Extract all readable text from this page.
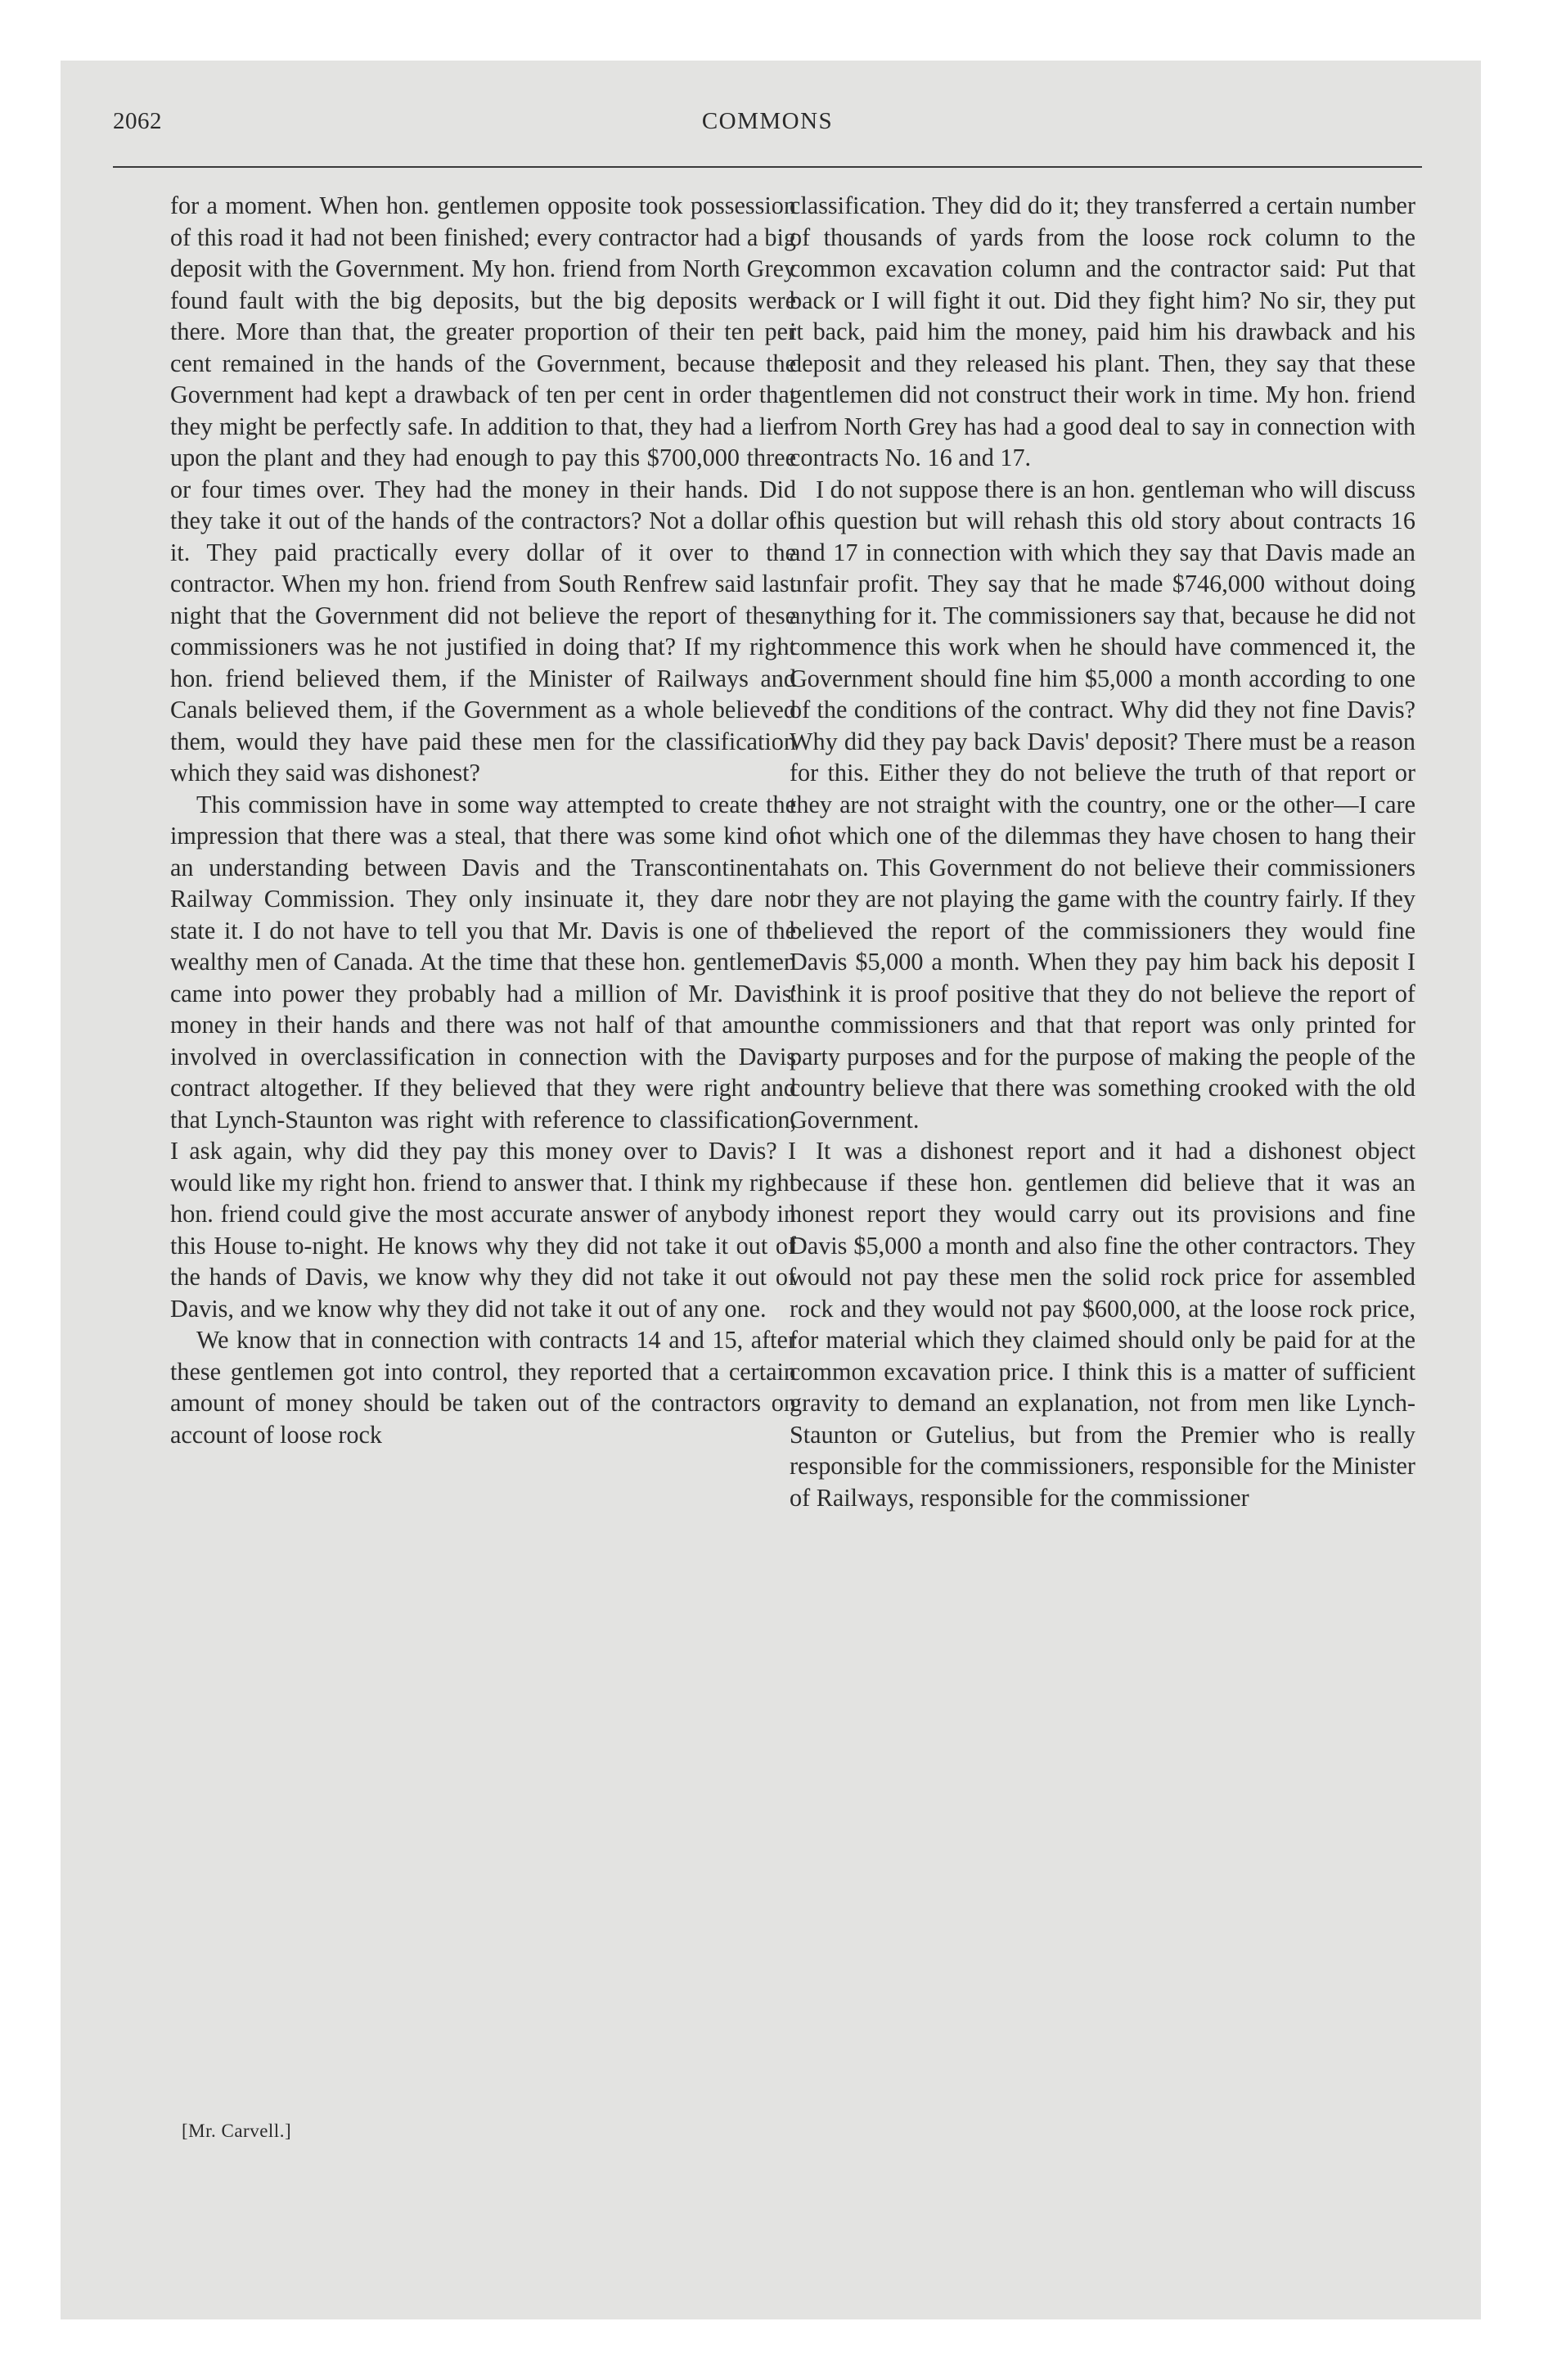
2062	COMMONS

for a moment. When hon. gentlemen opposite took possession of this road it had not been finished; every contractor had a big deposit with the Government. My hon. friend from North Grey found fault with the big deposits, but the big deposits were there. More than that, the greater proportion of their ten per cent remained in the hands of the Government, because the Government had kept a drawback of ten per cent in order that they might be perfectly safe. In addition to that, they had a lien upon the plant and they had enough to pay this $700,000 three or four times over. They had the money in their hands. Did they take it out of the hands of the contractors? Not a dollar of it. They paid practically every dollar of it over to the contractor. When my hon. friend from South Renfrew said last night that the Government did not believe the report of these commissioners was he not justified in doing that? If my right hon. friend believed them, if the Minister of Railways and Canals believed them, if the Government as a whole believed them, would they have paid these men for the classification which they said was dishonest?

This commission have in some way attempted to create the impression that there was a steal, that there was some kind of an understanding between Davis and the Transcontinental Railway Commission. They only insinuate it, they dare not state it. I do not have to tell you that Mr. Davis is one of the wealthy men of Canada. At the time that these hon. gentlemen came into power they probably had a million of Mr. Davis' money in their hands and there was not half of that amount involved in overclassification in connection with the Davis contract altogether. If they believed that they were right and that Lynch-Staunton was right with reference to classification, I ask again, why did they pay this money over to Davis? I would like my right hon. friend to answer that. I think my right hon. friend could give the most accurate answer of anybody in this House to-night. He knows why they did not take it out of the hands of Davis, we know why they did not take it out of Davis, and we know why they did not take it out of any one.

We know that in connection with contracts 14 and 15, after these gentlemen got into control, they reported that a certain amount of money should be taken out of the contractors on account of loose rock

classification. They did do it; they transferred a certain number of thousands of yards from the loose rock column to the common excavation column and the contractor said: Put that back or I will fight it out. Did they fight him? No sir, they put it back, paid him the money, paid him his drawback and his deposit and they released his plant. Then, they say that these gentlemen did not construct their work in time. My hon. friend from North Grey has had a good deal to say in connection with contracts No. 16 and 17.

I do not suppose there is an hon. gentleman who will discuss this question but will rehash this old story about contracts 16 and 17 in connection with which they say that Davis made an unfair profit. They say that he made $746,000 without doing anything for it. The commissioners say that, because he did not commence this work when he should have commenced it, the Government should fine him $5,000 a month according to one of the conditions of the contract. Why did they not fine Davis? Why did they pay back Davis' deposit? There must be a reason for this. Either they do not believe the truth of that report or they are not straight with the country, one or the other—I care not which one of the dilemmas they have chosen to hang their hats on. This Government do not believe their commissioners or they are not playing the game with the country fairly. If they believed the report of the commissioners they would fine Davis $5,000 a month. When they pay him back his deposit I think it is proof positive that they do not believe the report of the commissioners and that that report was only printed for party purposes and for the purpose of making the people of the country believe that there was something crooked with the old Government.

It was a dishonest report and it had a dishonest object because if these hon. gentlemen did believe that it was an honest report they would carry out its provisions and fine Davis $5,000 a month and also fine the other contractors. They would not pay these men the solid rock price for assembled rock and they would not pay $600,000, at the loose rock price, for material which they claimed should only be paid for at the common excavation price. I think this is a matter of sufficient gravity to demand an explanation, not from men like Lynch-Staunton or Gutelius, but from the Premier who is really responsible for the commissioners, responsible for the Minister of Railways, responsible for the commissioner

[Mr. Carvell.]
